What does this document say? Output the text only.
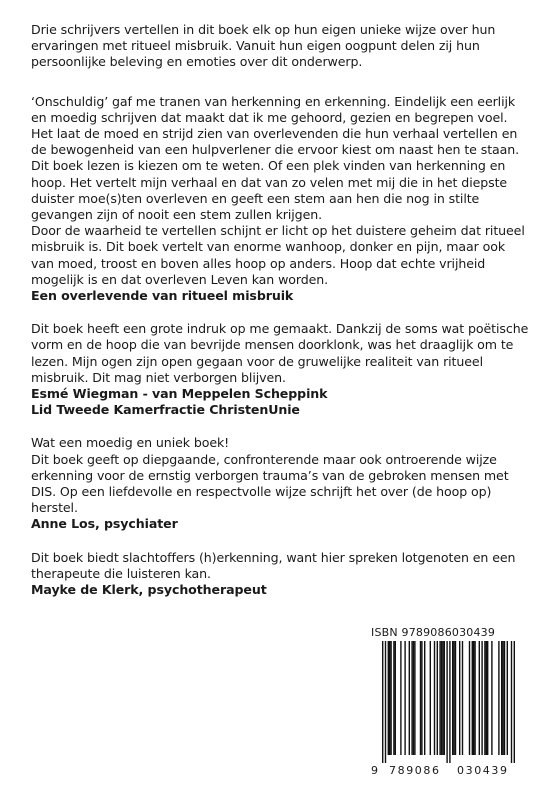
Drie schrijvers vertellen in dit boek elk op hun eigen unieke wijze over hun ervaringen met ritueel misbruik. Vanuit hun eigen oogpunt delen zij hun persoonlijke beleving en emoties over dit onderwerp.

‘Onschuldig’ gaf me tranen van herkenning en erkenning. Eindelijk een eerlijk en moedig schrijven dat maakt dat ik me gehoord, gezien en begrepen voel. Het laat de moed en strijd zien van overlevenden die hun verhaal vertellen en de bewogenheid van een hulpverlener die ervoor kiest om naast hen te staan.

Dit boek lezen is kiezen om te weten. Of een plek vinden van herkenning en hoop. Het vertelt mijn verhaal en dat van zo velen met mij die in het diepste duister moe(s)ten overleven en geeft een stem aan hen die nog in stilte gevangen zijn of nooit een stem zullen krijgen.

Door de waarheid te vertellen schijnt er licht op het duistere geheim dat ritueel misbruik is. Dit boek vertelt van enorme wanhoop, donker en pijn, maar ook van moed, troost en boven alles hoop op anders. Hoop dat echte vrijheid mogelijk is en dat overleven Leven kan worden.

Een overlevende van ritueel misbruik

Dit boek heeft een grote indruk op me gemaakt. Dankzij de soms wat poëtische vorm en de hoop die van bevrijde mensen doorklonk, was het draaglijk om te lezen. Mijn ogen zijn open gegaan voor de gruwelijke realiteit van ritueel misbruik. Dit mag niet verborgen blijven.

Esmé Wiegman - van Meppelen Scheppink

Lid Tweede Kamerfractie ChristenUnie

Wat een moedig en uniek boek!

Dit boek geeft op diepgaande, confronterende maar ook ontroerende wijze erkenning voor de ernstig verborgen trauma’s van de gebroken mensen met DIS. Op een liefdevolle en respectvolle wijze schrijft het over (de hoop op) herstel.

Anne Los, psychiater

Dit boek biedt slachtoffers (h)erkenning, want hier spreken lotgenoten en een therapeute die luisteren kan.

Mayke de Klerk, psychotherapeut

ISBN 9789086030439
9 789086 030439
